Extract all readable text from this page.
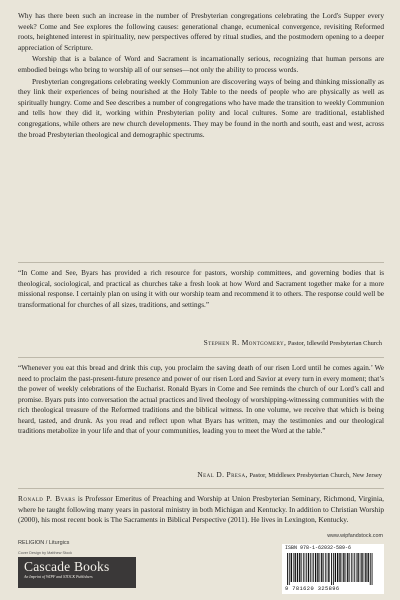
Why has there been such an increase in the number of Presbyterian congregations celebrating the Lord's Supper every week? Come and See explores the following causes: generational change, ecumenical convergence, revisiting Reformed roots, heightened interest in spirituality, new perspectives offered by ritual studies, and the postmodern opening to a deeper appreciation of Scripture.

Worship that is a balance of Word and Sacrament is incarnationally serious, recognizing that human persons are embodied beings who bring to worship all of our senses—not only the ability to process words.

Presbyterian congregations celebrating weekly Communion are discovering ways of being and thinking missionally as they link their experiences of being nourished at the Holy Table to the needs of people who are physically as well as spiritually hungry. Come and See describes a number of congregations who have made the transition to weekly Communion and tells how they did it, working within Presbyterian polity and local cultures. Some are traditional, established congregations, while others are new church developments. They may be found in the north and south, east and west, across the broad Presbyterian theological and demographic spectrums.

“In Come and See, Byars has provided a rich resource for pastors, worship committees, and governing bodies that is theological, sociological, and practical as churches take a fresh look at how Word and Sacrament together make for a more missional response. I certainly plan on using it with our worship team and recommend it to others. The response could well be transformational for churches of all sizes, traditions, and settings.”

Stephen R. Montgomery, Pastor, Idlewild Presbyterian Church

“Whenever you eat this bread and drink this cup, you proclaim the saving death of our risen Lord until he comes again.’ We need to proclaim the past-present-future presence and power of our risen Lord and Savior at every turn in every moment; that’s the power of weekly celebrations of the Eucharist. Ronald Byars in Come and See reminds the church of our Lord’s call and promise. Byars puts into conversation the actual practices and lived theology of worshipping-witnessing communities with the rich theological treasure of the Reformed traditions and the biblical witness. In one volume, we receive that which is being heard, tasted, and drunk. As you read and reflect upon what Byars has written, may the testimonies and our theological traditions metabolize in your life and that of your communities, leading you to meet the Word at the table.”

Neal D. Presa, Pastor, Middlesex Presbyterian Church, New Jersey
Ronald P. Byars is Professor Emeritus of Preaching and Worship at Union Presbyterian Seminary, Richmond, Virginia, where he taught following many years in pastoral ministry in both Michigan and Kentucky. In addition to Christian Worship (2000), his most recent book is The Sacraments in Biblical Perspective (2011). He lives in Lexington, Kentucky.
RELIGION / Liturgics
Cover Design by Matthew Stock
www.wipfandstock.com
Cascade Books
An Imprint of WIPF and STOCK Publishers
ISBN 978-1-62032-589-6
9 781620 325896
